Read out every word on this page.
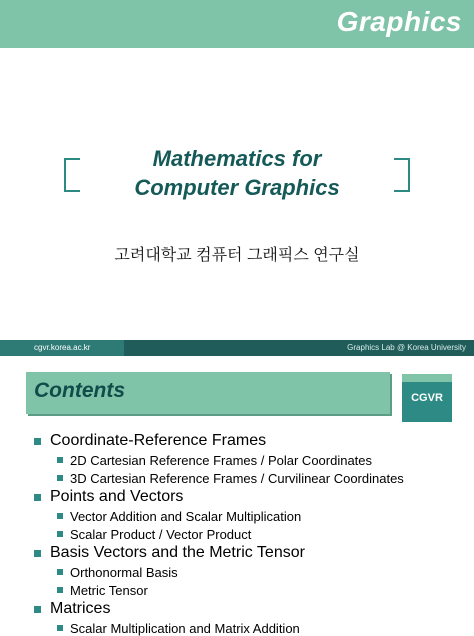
Graphics
Mathematics for
Computer Graphics
고려대학교 컴퓨터 그래픽스 연구실
cgvr.korea.ac.kr	Graphics Lab @ Korea University
Contents	CGVR
Coordinate-Reference Frames
2D Cartesian Reference Frames / Polar Coordinates
3D Cartesian Reference Frames / Curvilinear Coordinates
Points and Vectors
Vector Addition and Scalar Multiplication
Scalar Product / Vector Product
Basis Vectors and the Metric Tensor
Orthonormal Basis
Metric Tensor
Matrices
Scalar Multiplication and Matrix Addition
